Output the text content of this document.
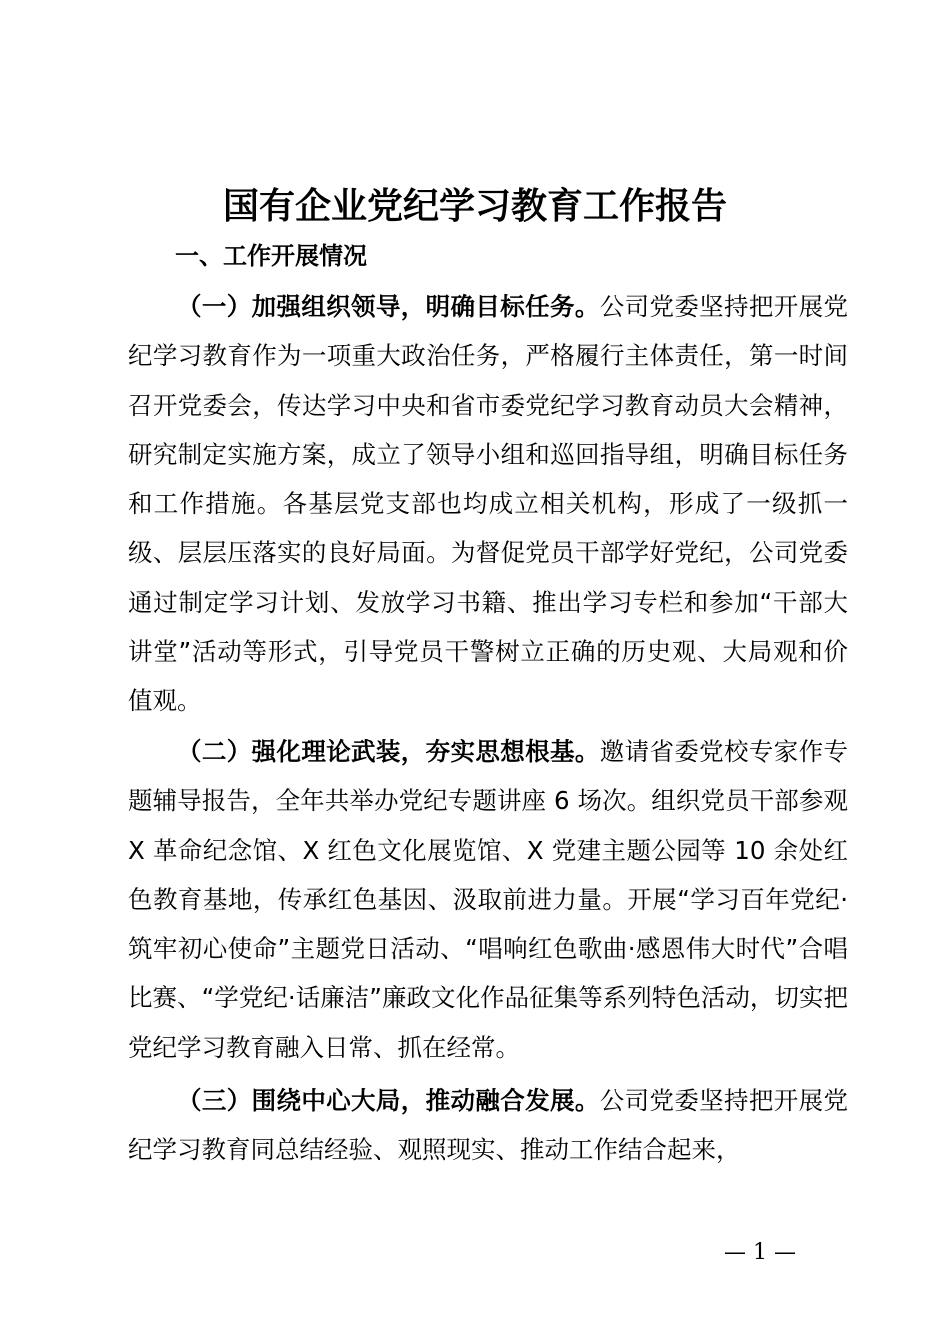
国有企业党纪学习教育工作报告
一、工作开展情况

（一）加强组织领导，明确目标任务。公司党委坚持把开展党纪学习教育作为一项重大政治任务，严格履行主体责任，第一时间召开党委会，传达学习中央和省市委党纪学习教育动员大会精神，研究制定实施方案，成立了领导小组和巡回指导组，明确目标任务和工作措施。各基层党支部也均成立相关机构，形成了一级抓一级、层层压落实的良好局面。为督促党员干部学好党纪，公司党委通过制定学习计划、发放学习书籍、推出学习专栏和参加“干部大讲堂”活动等形式，引导党员干警树立正确的历史观、大局观和价值观。

（二）强化理论武装，夯实思想根基。邀请省委党校专家作专题辅导报告，全年共举办党纪专题讲座 6 场次。组织党员干部参观 X 革命纪念馆、X 红色文化展览馆、X 党建主题公园等 10 余处红色教育基地，传承红色基因、汲取前进力量。开展“学习百年党纪·筑牢初心使命”主题党日活动、“唱响红色歌曲·感恩伟大时代”合唱比赛、“学党纪·话廉洁”廉政文化作品征集等系列特色活动，切实把党纪学习教育融入日常、抓在经常。

（三）围绕中心大局，推动融合发展。公司党委坚持把开展党纪学习教育同总结经验、观照现实、推动工作结合起来，

— 1 —
